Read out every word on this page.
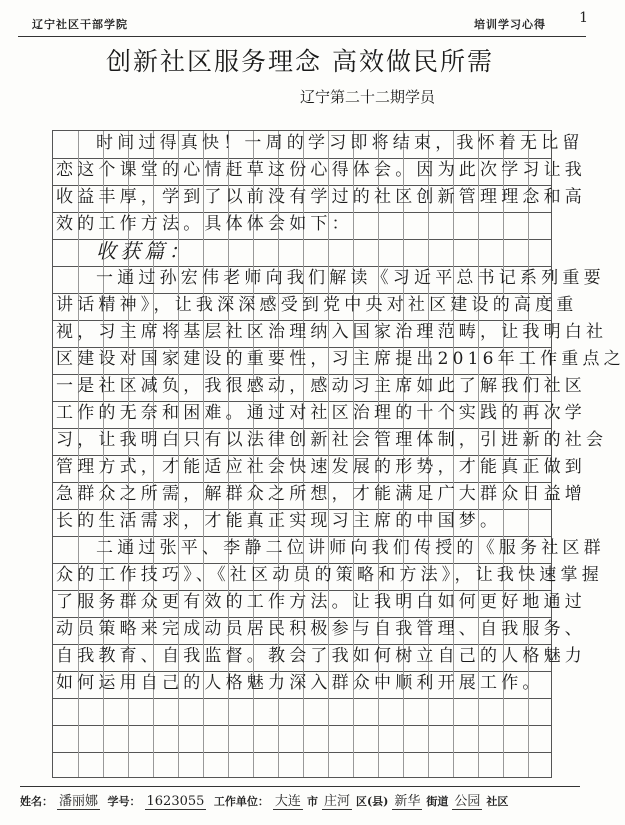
辽宁社区干部学院	培训学习心得 1
创新社区服务理念 高效做民所需
辽宁第二十二期学员
时间过得真快！一周的学习即将结束，我怀着无比留
恋这个课堂的心情赶草这份心得体会。因为此次学习让我
收益丰厚，学到了以前没有学过的社区创新管理理念和高
效的工作方法。具体体会如下：
收获篇：
一通过孙宏伟老师向我们解读《习近平总书记系列重要
讲话精神》，让我深深感受到党中央对社区建设的高度重
视，习主席将基层社区治理纳入国家治理范畴，让我明白社
区建设对国家建设的重要性，习主席提出2016年工作重点之
一是社区减负，我很感动，感动习主席如此了解我们社区
工作的无奈和困难。通过对社区治理的十个实践的再次学
习，让我明白只有以法律创新社会管理体制，引进新的社会
管理方式，才能适应社会快速发展的形势，才能真正做到
急群众之所需，解群众之所想，才能满足广大群众日益增
长的生活需求，才能真正实现习主席的中国梦。
二通过张平、李静二位讲师向我们传授的《服务社区群
众的工作技巧》、《社区动员的策略和方法》，让我快速掌握
了服务群众更有效的工作方法。让我明白如何更好地通过
动员策略来完成动员居民积极参与自我管理、自我服务、
自我教育、自我监督。教会了我如何树立自己的人格魅力
如何运用自己的人格魅力深入群众中顺利开展工作。
姓名： 潘丽娜 学号： 1623055 工作单位： 大连 市 庄河 区(县) 新华 街道 公园 社区
